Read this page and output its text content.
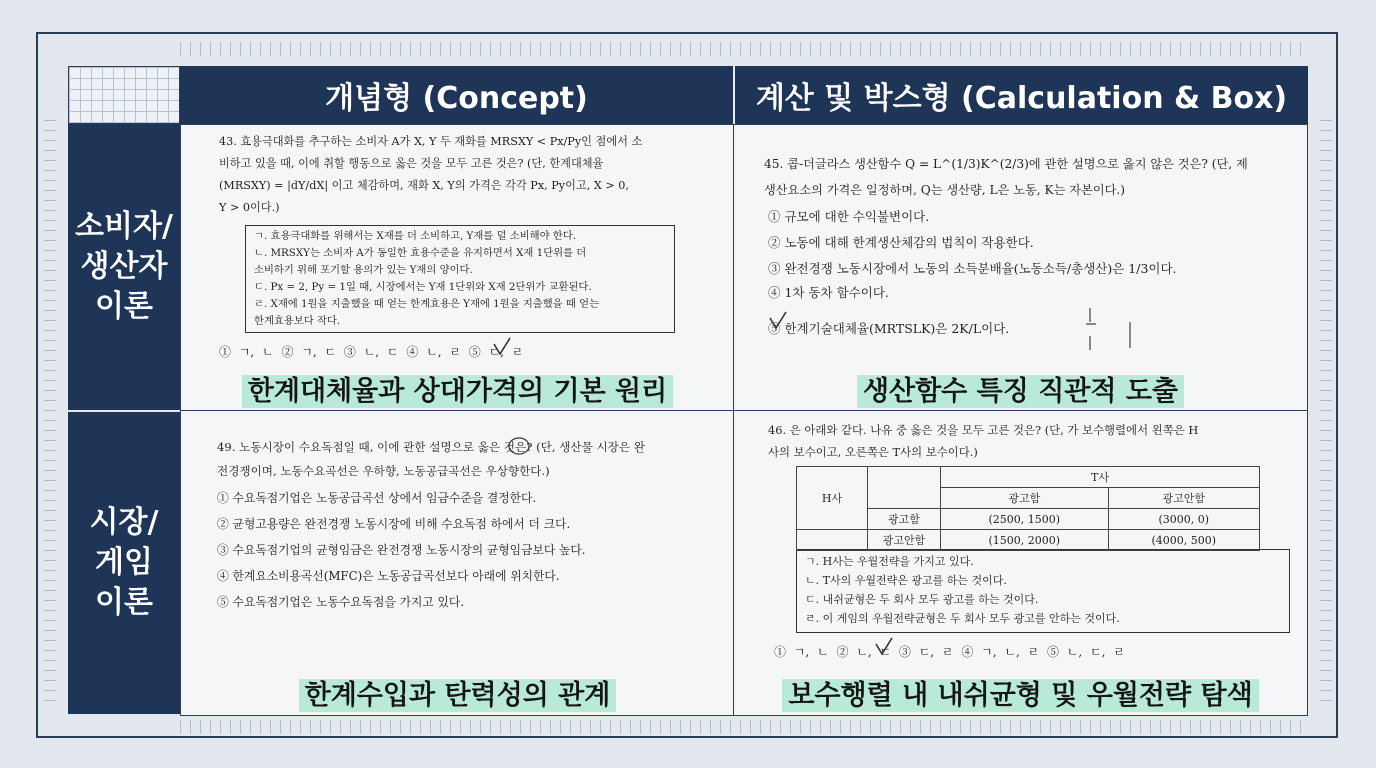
개념형 (Concept)	계산 및 박스형 (Calculation & Box)
소비자/
생산자
이론
시장/
게임
이론
43. 효용극대화를 추구하는 소비자 A가 X, Y 두 재화를 MRSXY < Px/Py인 점에서 소
비하고 있을 때, 이에 취할 행동으로 옳은 것을 모두 고른 것은? (단, 한계대체율
(MRSXY) = |dY/dX| 이고 체감하며, 재화 X, Y의 가격은 각각 Px, Py이고, X > 0,
Y > 0이다.)
ㄱ. 효용극대화를 위해서는 X재를 더 소비하고, Y재를 덜 소비해야 한다.
ㄴ. MRSXY는 소비자 A가 동일한 효용수준을 유지하면서 X재 1단위를 더
소비하기 위해 포기할 용의가 있는 Y재의 양이다.
ㄷ. Px = 2, Py = 1일 때, 시장에서는 Y재 1단위와 X재 2단위가 교환된다.
ㄹ. X재에 1원을 지출했을 때 얻는 한계효용은 Y재에 1원을 지출했을 때 얻는
한계효용보다 작다.
① ㄱ, ㄴ ② ㄱ, ㄷ ③ ㄴ, ㄷ ④ ㄴ, ㄹ ⑤ ㄷ, ㄹ
한계대체율과 상대가격의 기본 원리
45. 콥-더글라스 생산함수 Q = L^(1/3)K^(2/3)에 관한 설명으로 옳지 않은 것은? (단, 제
생산요소의 가격은 일정하며, Q는 생산량, L은 노동, K는 자본이다.)
① 규모에 대한 수익불변이다.
② 노동에 대해 한계생산체감의 법칙이 작용한다.
③ 완전경쟁 노동시장에서 노동의 소득분배율(노동소득/총생산)은 1/3이다.
④ 1차 동차 함수이다.
⑤ 한계기술대체율(MRTSLK)은 2K/L이다.
생산함수 특징 직관적 도출
49. 노동시장이 수요독점일 때, 이에 관한 설명으로 옳은 것은? (단, 생산물 시장은 완
전경쟁이며, 노동수요곡선은 우하향, 노동공급곡선은 우상향한다.)
① 수요독점기업은 노동공급곡선 상에서 임금수준을 결정한다.
② 균형고용량은 완전경쟁 노동시장에 비해 수요독점 하에서 더 크다.
③ 수요독점기업의 균형임금은 완전경쟁 노동시장의 균형임금보다 높다.
④ 한계요소비용곡선(MFC)은 노동공급곡선보다 아래에 위치한다.
⑤ 수요독점기업은 노동수요독점을 가지고 있다.
한계수입과 탄력성의 관계
46. 은 아래와 같다. 나유 중 옳은 것을 모두 고른 것은? (단, 가 보수행렬에서 왼쪽은 H
사의 보수이고, 오른쪽은 T사의 보수이다.)
ㄱ. H사는 우월전략을 가지고 있다.
ㄴ. T사의 우월전략은 광고를 하는 것이다.
ㄷ. 내쉬균형은 두 회사 모두 광고를 하는 것이다.
ㄹ. 이 게임의 우월전략균형은 두 회사 모두 광고를 안하는 것이다.
① ㄱ, ㄴ ② ㄴ, ㄷ ③ ㄷ, ㄹ ④ ㄱ, ㄴ, ㄹ ⑤ ㄴ, ㄷ, ㄹ
보수행렬 내 내쉬균형 및 우월전략 탐색
H사		T사	
		광고함	광고안함
	광고함	(2500, 1500)	(3000, 0)
	광고안함	(1500, 2000)	(4000, 500)
